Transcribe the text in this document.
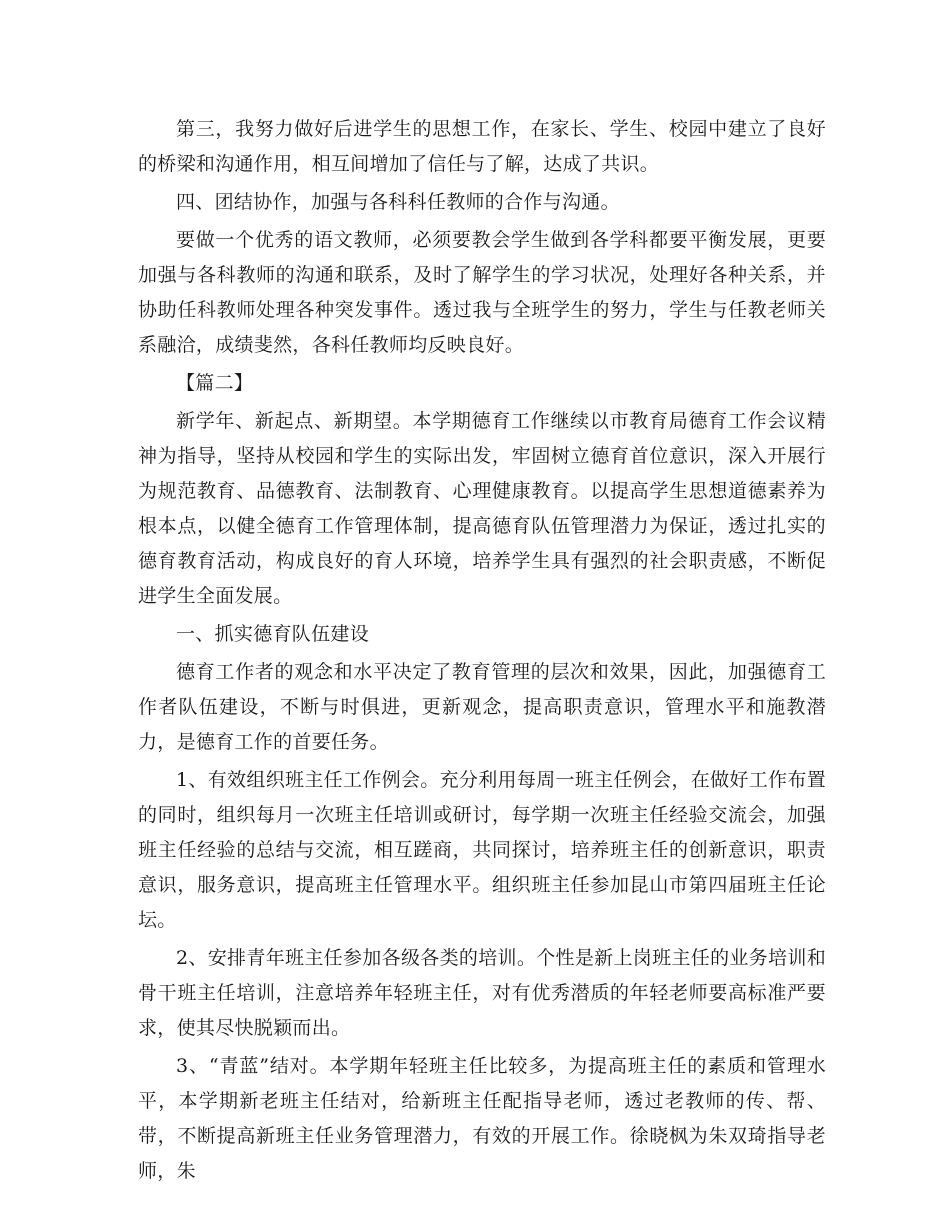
第三，我努力做好后进学生的思想工作，在家长、学生、校园中建立了良好的桥梁和沟通作用，相互间增加了信任与了解，达成了共识。

四、团结协作，加强与各科科任教师的合作与沟通。

要做一个优秀的语文教师，必须要教会学生做到各学科都要平衡发展，更要加强与各科教师的沟通和联系，及时了解学生的学习状况，处理好各种关系，并协助任科教师处理各种突发事件。透过我与全班学生的努力，学生与任教老师关系融洽，成绩斐然，各科任教师均反映良好。

【篇二】

新学年、新起点、新期望。本学期德育工作继续以市教育局德育工作会议精神为指导，坚持从校园和学生的实际出发，牢固树立德育首位意识，深入开展行为规范教育、品德教育、法制教育、心理健康教育。以提高学生思想道德素养为根本点，以健全德育工作管理体制，提高德育队伍管理潜力为保证，透过扎实的德育教育活动，构成良好的育人环境，培养学生具有强烈的社会职责感，不断促进学生全面发展。

一、抓实德育队伍建设

德育工作者的观念和水平决定了教育管理的层次和效果，因此，加强德育工作者队伍建设，不断与时俱进，更新观念，提高职责意识，管理水平和施教潜力，是德育工作的首要任务。

1、有效组织班主任工作例会。充分利用每周一班主任例会，在做好工作布置的同时，组织每月一次班主任培训或研讨，每学期一次班主任经验交流会，加强班主任经验的总结与交流，相互蹉商，共同探讨，培养班主任的创新意识，职责意识，服务意识，提高班主任管理水平。组织班主任参加昆山市第四届班主任论坛。

2、安排青年班主任参加各级各类的培训。个性是新上岗班主任的业务培训和骨干班主任培训，注意培养年轻班主任，对有优秀潜质的年轻老师要高标准严要求，使其尽快脱颖而出。

3、“青蓝”结对。本学期年轻班主任比较多，为提高班主任的素质和管理水平，本学期新老班主任结对，给新班主任配指导老师，透过老教师的传、帮、带，不断提高新班主任业务管理潜力，有效的开展工作。徐晓枫为朱双琦指导老师，朱
